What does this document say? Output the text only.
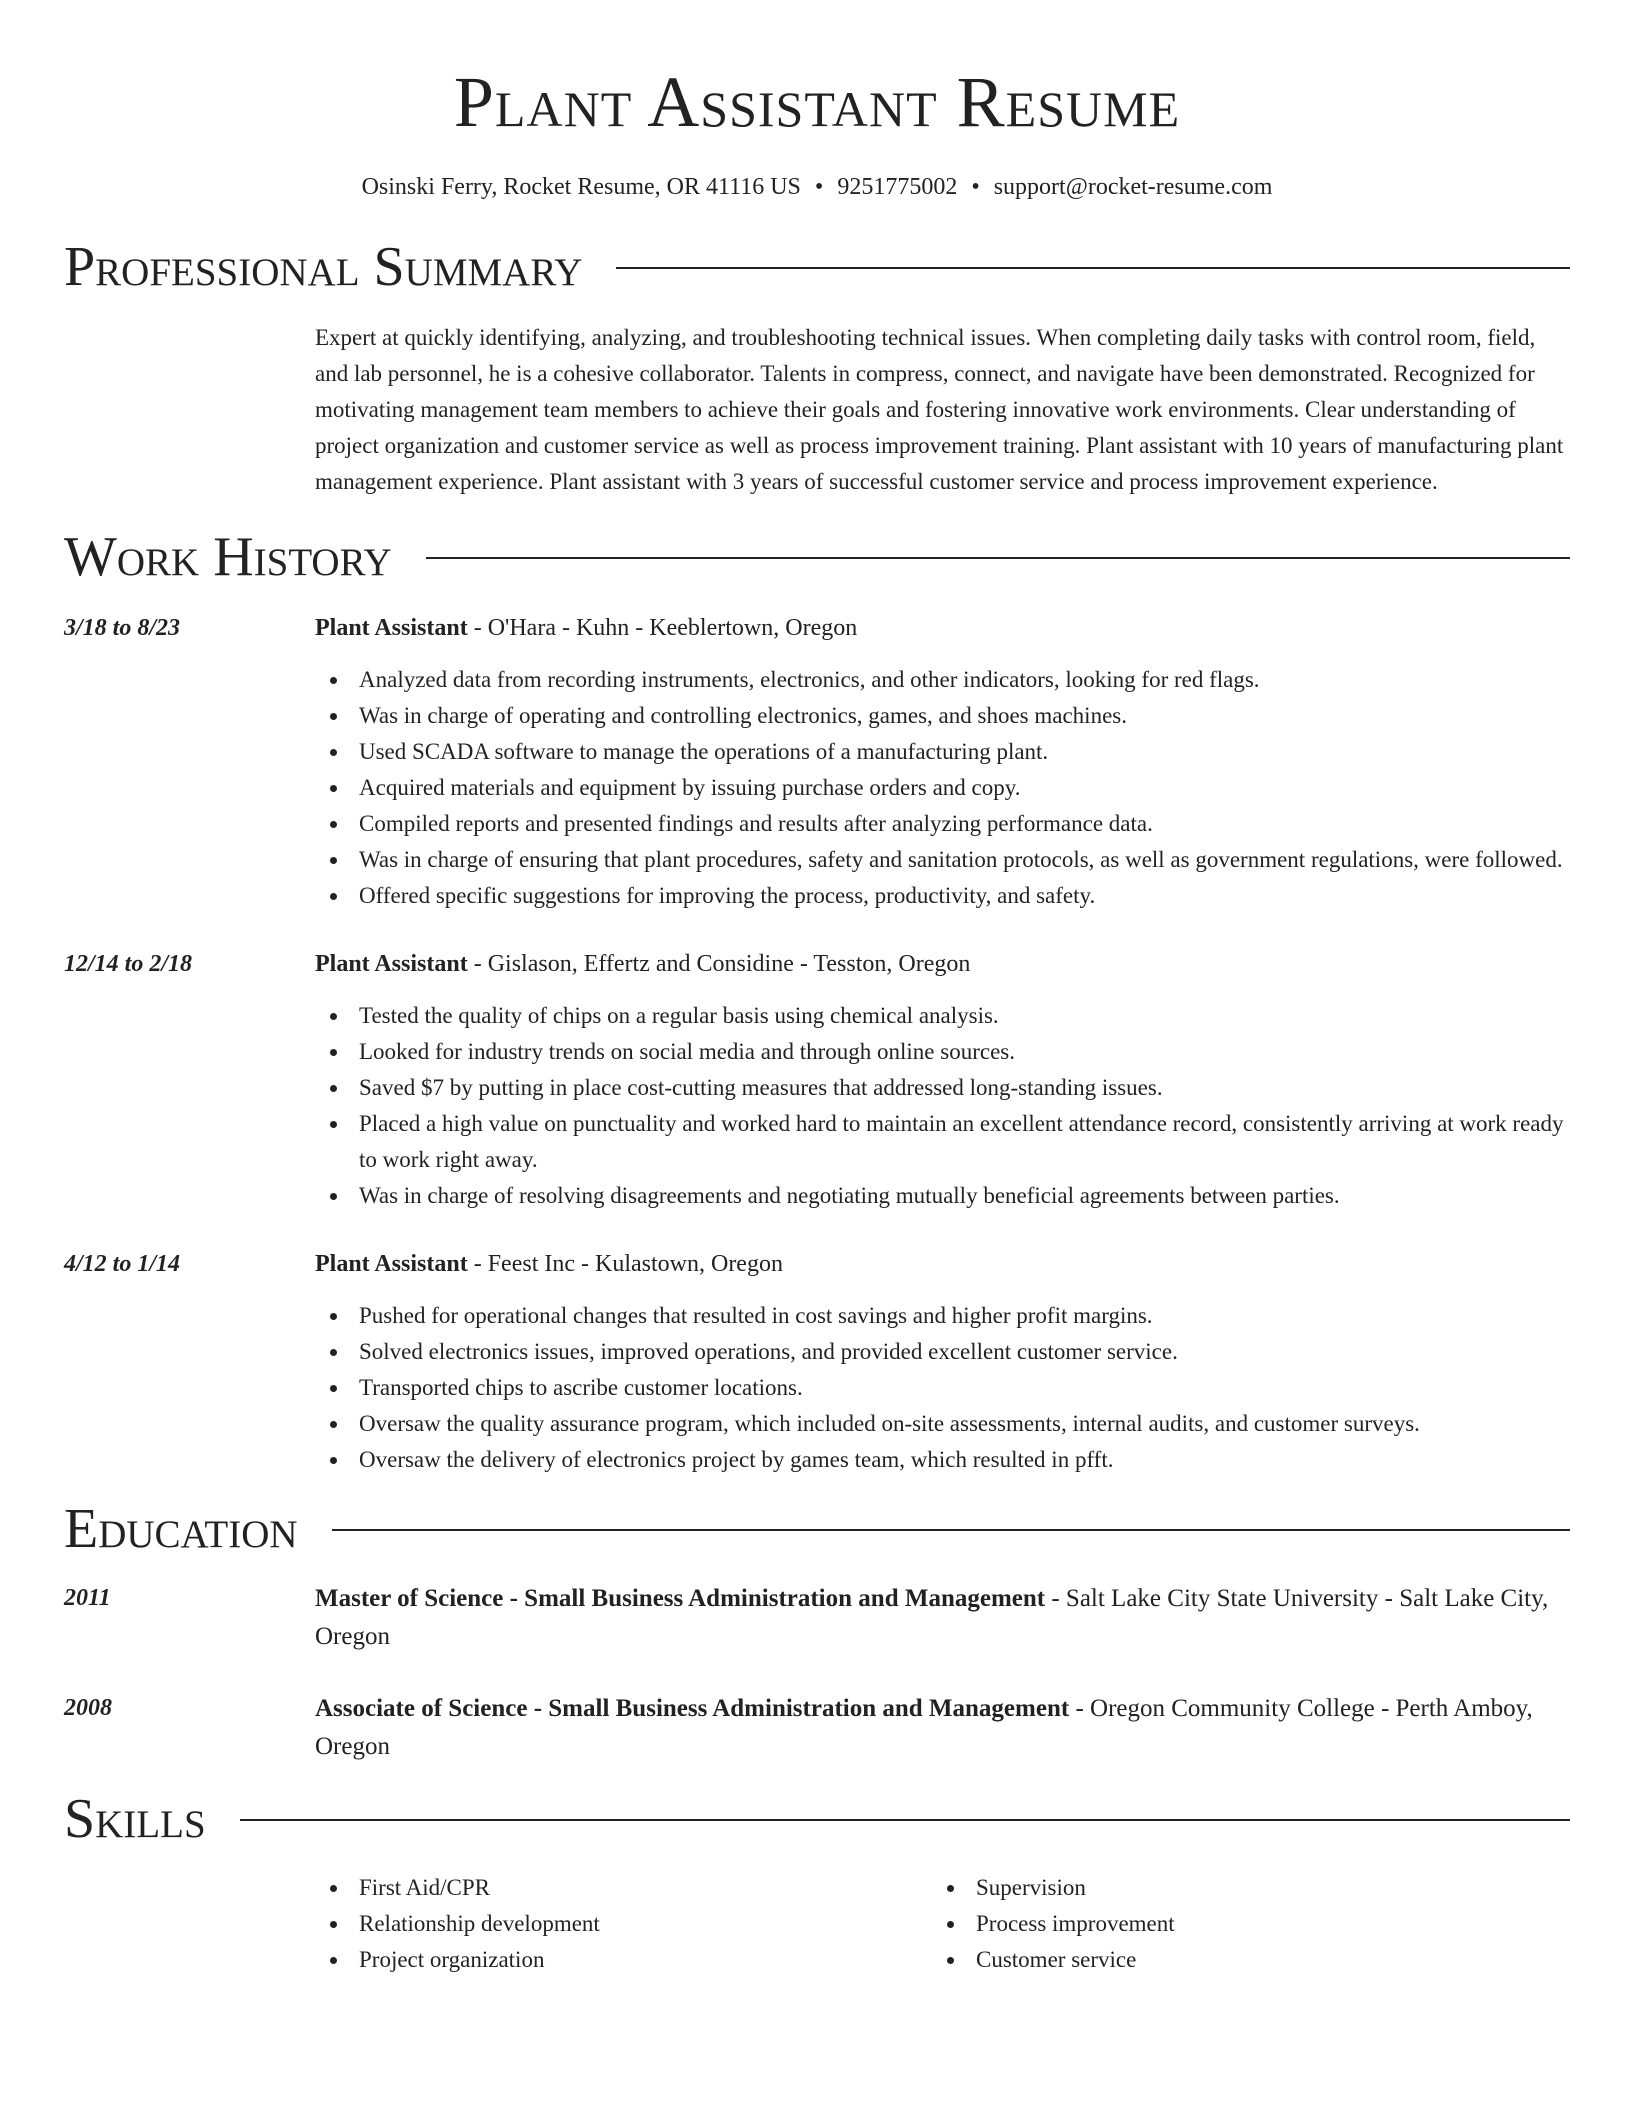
Plant Assistant Resume
Osinski Ferry, Rocket Resume, OR 41116 US • 9251775002 • support@rocket-resume.com
Professional Summary

Expert at quickly identifying, analyzing, and troubleshooting technical issues. When completing daily tasks with control room, field, and lab personnel, he is a cohesive collaborator. Talents in compress, connect, and navigate have been demonstrated. Recognized for motivating management team members to achieve their goals and fostering innovative work environments. Clear understanding of project organization and customer service as well as process improvement training. Plant assistant with 10 years of manufacturing plant management experience. Plant assistant with 3 years of successful customer service and process improvement experience.

Work History
3/18 to 8/23	Plant Assistant - O'Hara - Kuhn - Keeblertown, Oregon
Analyzed data from recording instruments, electronics, and other indicators, looking for red flags.
Was in charge of operating and controlling electronics, games, and shoes machines.
Used SCADA software to manage the operations of a manufacturing plant.
Acquired materials and equipment by issuing purchase orders and copy.
Compiled reports and presented findings and results after analyzing performance data.
Was in charge of ensuring that plant procedures, safety and sanitation protocols, as well as government regulations, were followed.
Offered specific suggestions for improving the process, productivity, and safety.
12/14 to 2/18	Plant Assistant - Gislason, Effertz and Considine - Tesston, Oregon
Tested the quality of chips on a regular basis using chemical analysis.
Looked for industry trends on social media and through online sources.
Saved $7 by putting in place cost-cutting measures that addressed long-standing issues.
Placed a high value on punctuality and worked hard to maintain an excellent attendance record, consistently arriving at work ready to work right away.
Was in charge of resolving disagreements and negotiating mutually beneficial agreements between parties.
4/12 to 1/14	Plant Assistant - Feest Inc - Kulastown, Oregon
Pushed for operational changes that resulted in cost savings and higher profit margins.
Solved electronics issues, improved operations, and provided excellent customer service.
Transported chips to ascribe customer locations.
Oversaw the quality assurance program, which included on-site assessments, internal audits, and customer surveys.
Oversaw the delivery of electronics project by games team, which resulted in pfft.
Education
2011	Master of Science - Small Business Administration and Management - Salt Lake City State University - Salt Lake City, Oregon
2008	Associate of Science - Small Business Administration and Management - Oregon Community College - Perth Amboy, Oregon
Skills
First Aid/CPR
Relationship development
Project organization
Supervision
Process improvement
Customer service
